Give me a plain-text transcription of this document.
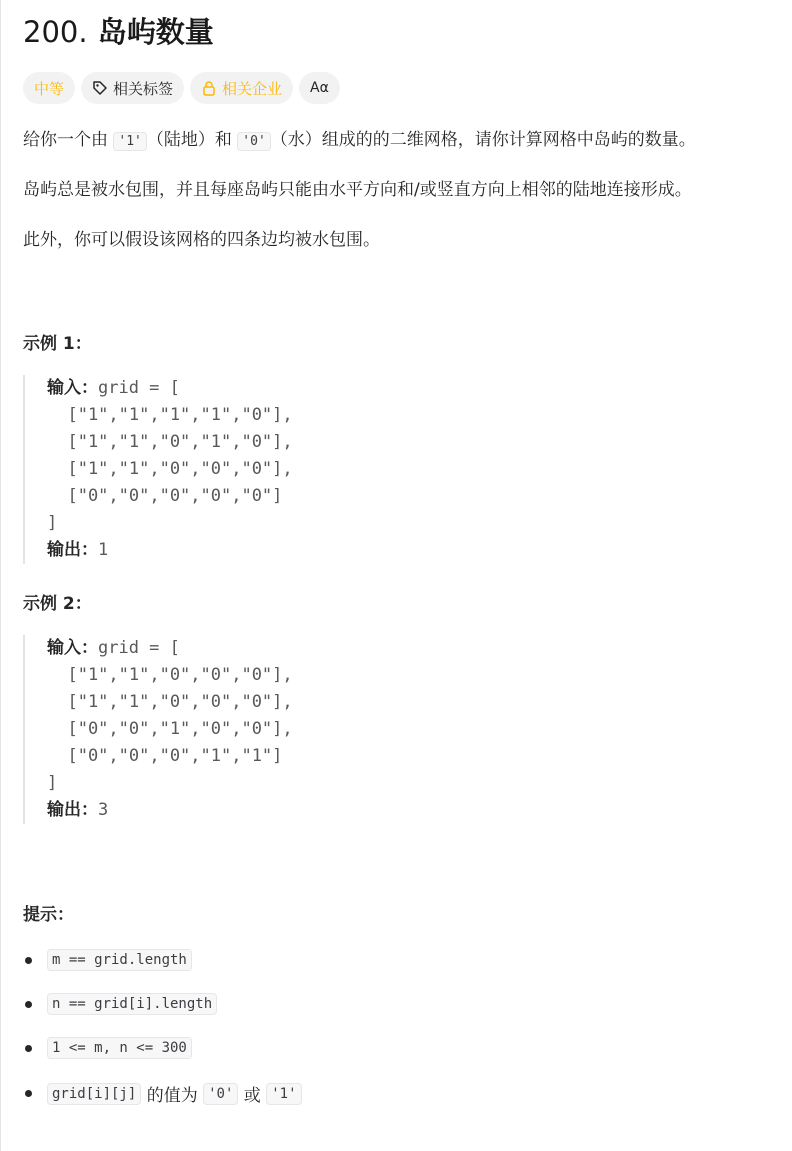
200. 岛屿数量
中等	相关标签	相关企业 Aα
给你一个由 '1' （陆地）和 '0' （水）组成的的二维网格，请你计算网格中岛屿的数量。
岛屿总是被水包围，并且每座岛屿只能由水平方向和/或竖直方向上相邻的陆地连接形成。
此外，你可以假设该网格的四条边均被水包围。
示例 1：
输入：grid = [
["1","1","1","1","0"],
["1","1","0","1","0"],
["1","1","0","0","0"],
["0","0","0","0","0"]
]
输出：1
示例 2：
输入：grid = [
["1","1","0","0","0"],
["1","1","0","0","0"],
["0","0","1","0","0"],
["0","0","0","1","1"]
]
输出：3
提示：
m == grid.length
n == grid[i].length
1 <= m, n <= 300
grid[i][j] 的值为 '0' 或 '1'
